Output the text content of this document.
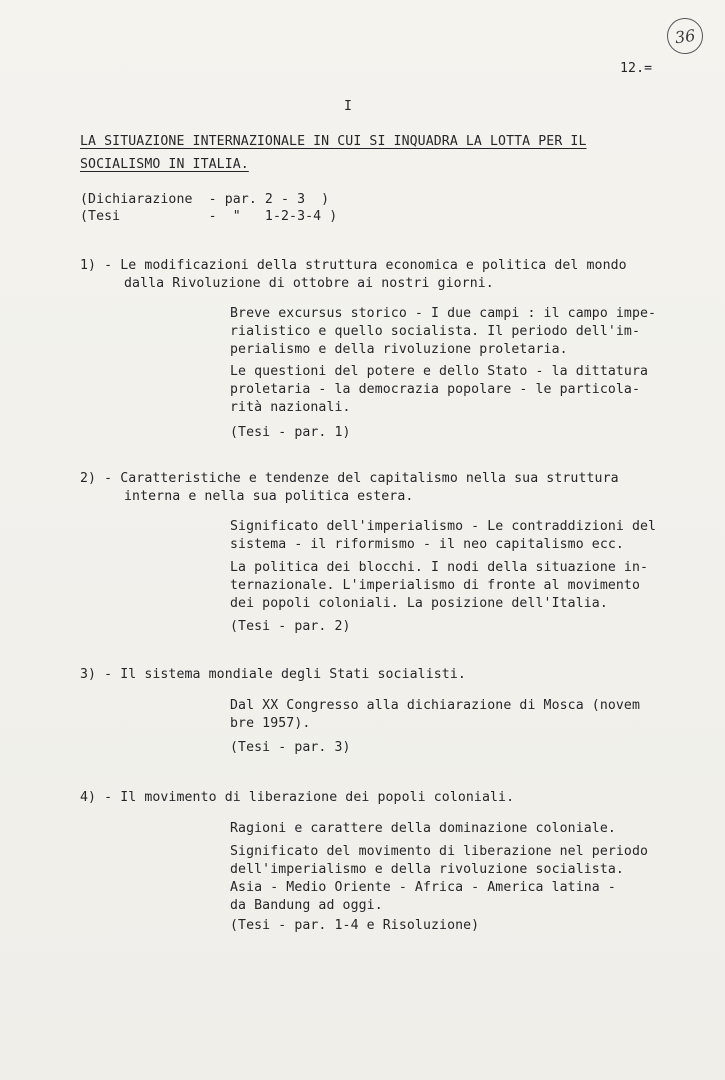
36
12.=
I
LA SITUAZIONE INTERNAZIONALE IN CUI SI INQUADRA LA LOTTA PER IL
SOCIALISMO IN ITALIA.
(Dichiarazione  - par. 2 - 3  )
(Tesi           -  "   1-2-3-4 )
1) - Le modificazioni della struttura economica e politica del mondo
dalla Rivoluzione di ottobre ai nostri giorni.
Breve excursus storico - I due campi : il campo impe-
rialistico e quello socialista. Il periodo dell'im-
perialismo e della rivoluzione proletaria.
Le questioni del potere e dello Stato - la dittatura
proletaria - la democrazia popolare - le particola-
rità nazionali.
(Tesi - par. 1)
2) - Caratteristiche e tendenze del capitalismo nella sua struttura
interna e nella sua politica estera.
Significato dell'imperialismo - Le contraddizioni del
sistema - il riformismo - il neo capitalismo ecc.
La politica dei blocchi. I nodi della situazione in-
ternazionale. L'imperialismo di fronte al movimento
dei popoli coloniali. La posizione dell'Italia.
(Tesi - par. 2)
3) - Il sistema mondiale degli Stati socialisti.
Dal XX Congresso alla dichiarazione di Mosca (novem
bre 1957).
(Tesi - par. 3)
4) - Il movimento di liberazione dei popoli coloniali.
Ragioni e carattere della dominazione coloniale.
Significato del movimento di liberazione nel periodo
dell'imperialismo e della rivoluzione socialista.
Asia - Medio Oriente - Africa - America latina -
da Bandung ad oggi.
(Tesi - par. 1-4 e Risoluzione)
